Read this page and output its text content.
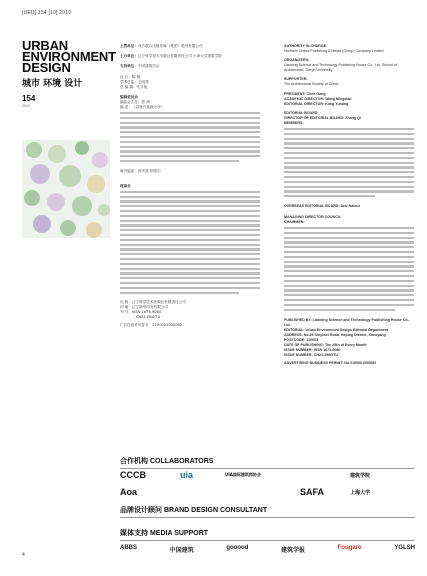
[UED] 154 [10] 2019
URBAN
ENVIRONMENT
DESIGN
城市 环境 设计
154
2019
主管单位：北方联合出版传媒（集团）股份有限公司
主办单位：辽宁科学技术出版社有限责任公司 天津大学建筑学院
支持单位：中国建筑学会
社 长：陈 刚
学术总监：王明贤
总 编 辑：孔宇航
编辑委员会
编委会主任：张 琦
编 委：（以姓氏笔画为序）
海外编委：阿齐兹·纳洛尔
理事会
出 版：辽宁科学技术出版社有限责任公司
印 刷：辽宁新华印务有限公司
刊 号：ISSN 1673-9080
CN21-1506/TU
广告经营许可证号：2100001000082
AUTHORITY IN CHARGE:
Northern United Publishing & Media (Group) Company Limited
ORGANIZERS:
Liaoning Science and Technology Publishing House Co., Ltd. School of Architecture, Tianjin University
SUPPORTER:
The Architectural Society of China
PRESIDENT: Chen Gang
ACADEMIC DIRECTOR: Wang Mingxian
EDITORIAL DIRECTOR: Kong Yuhang
EDITORIAL BOARD
DIRECTOR OF EDITORIAL BOARD: Zhang Qi
MEMBERS:
OVERSEAS EDITORIAL BOARD: Aziz Nalour
MANAGING DIRECTOR COUNCIL
CHAIRMEN:
PUBLISHED BY: Liaoning Science and Technology Publishing House Co., Ltd.
EDITORIAL: Urban Environment Design Editorial Department
ADDRESS: No.25 Shiyiwei Road, Heping District, Shenyang
POSTCODE: 110003
DATE OF PUBLISHING: The 28th of Every Month
ISSUE NUMBER: ISSN 1673-9080
ISSUE NUMBER: CN21-1506/TU
ADVERTISING BUSINESS PERMIT: No.2100001000082
合作机构 COLLABORATORS
CCCB	uia	UIA国际建筑师协会
SAFA
Aoa	上海大学
建筑学院
品牌设计顾问 BRAND DESIGN CONSULTANT
媒体支持 MEDIA SUPPORT
ABBS	中国建筑	gooood	建筑学报	Fougaro	YGLSH
4
